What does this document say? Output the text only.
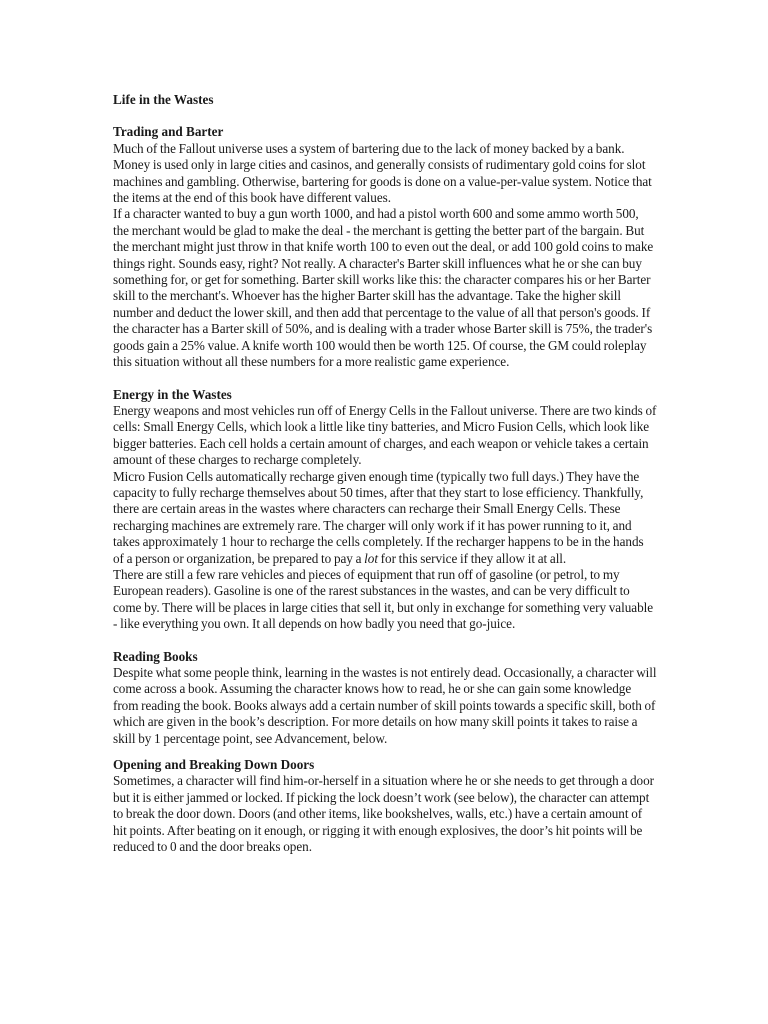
Life in the Wastes

Trading and Barter

Much of the Fallout universe uses a system of bartering due to the lack of money backed by a bank. Money is used only in large cities and casinos, and generally consists of rudimentary gold coins for slot machines and gambling. Otherwise, bartering for goods is done on a value-per-value system. Notice that the items at the end of this book have different values.

If a character wanted to buy a gun worth 1000, and had a pistol worth 600 and some ammo worth 500, the merchant would be glad to make the deal - the merchant is getting the better part of the bargain. But the merchant might just throw in that knife worth 100 to even out the deal, or add 100 gold coins to make things right. Sounds easy, right? Not really. A character's Barter skill influences what he or she can buy something for, or get for something. Barter skill works like this: the character compares his or her Barter skill to the merchant's. Whoever has the higher Barter skill has the advantage. Take the higher skill number and deduct the lower skill, and then add that percentage to the value of all that person's goods. If the character has a Barter skill of 50%, and is dealing with a trader whose Barter skill is 75%, the trader's goods gain a 25% value. A knife worth 100 would then be worth 125. Of course, the GM could roleplay this situation without all these numbers for a more realistic game experience.

Energy in the Wastes

Energy weapons and most vehicles run off of Energy Cells in the Fallout universe. There are two kinds of cells: Small Energy Cells, which look a little like tiny batteries, and Micro Fusion Cells, which look like bigger batteries. Each cell holds a certain amount of charges, and each weapon or vehicle takes a certain amount of these charges to recharge completely.

Micro Fusion Cells automatically recharge given enough time (typically two full days.) They have the capacity to fully recharge themselves about 50 times, after that they start to lose efficiency. Thankfully, there are certain areas in the wastes where characters can recharge their Small Energy Cells. These recharging machines are extremely rare. The charger will only work if it has power running to it, and takes approximately 1 hour to recharge the cells completely. If the recharger happens to be in the hands of a person or organization, be prepared to pay a lot for this service if they allow it at all.

There are still a few rare vehicles and pieces of equipment that run off of gasoline (or petrol, to my European readers). Gasoline is one of the rarest substances in the wastes, and can be very difficult to come by. There will be places in large cities that sell it, but only in exchange for something very valuable - like everything you own. It all depends on how badly you need that go-juice.

Reading Books

Despite what some people think, learning in the wastes is not entirely dead. Occasionally, a character will come across a book. Assuming the character knows how to read, he or she can gain some knowledge from reading the book. Books always add a certain number of skill points towards a specific skill, both of which are given in the book’s description. For more details on how many skill points it takes to raise a skill by 1 percentage point, see Advancement, below.

Opening and Breaking Down Doors

Sometimes, a character will find him-or-herself in a situation where he or she needs to get through a door but it is either jammed or locked. If picking the lock doesn’t work (see below), the character can attempt to break the door down. Doors (and other items, like bookshelves, walls, etc.) have a certain amount of hit points. After beating on it enough, or rigging it with enough explosives, the door’s hit points will be reduced to 0 and the door breaks open.
